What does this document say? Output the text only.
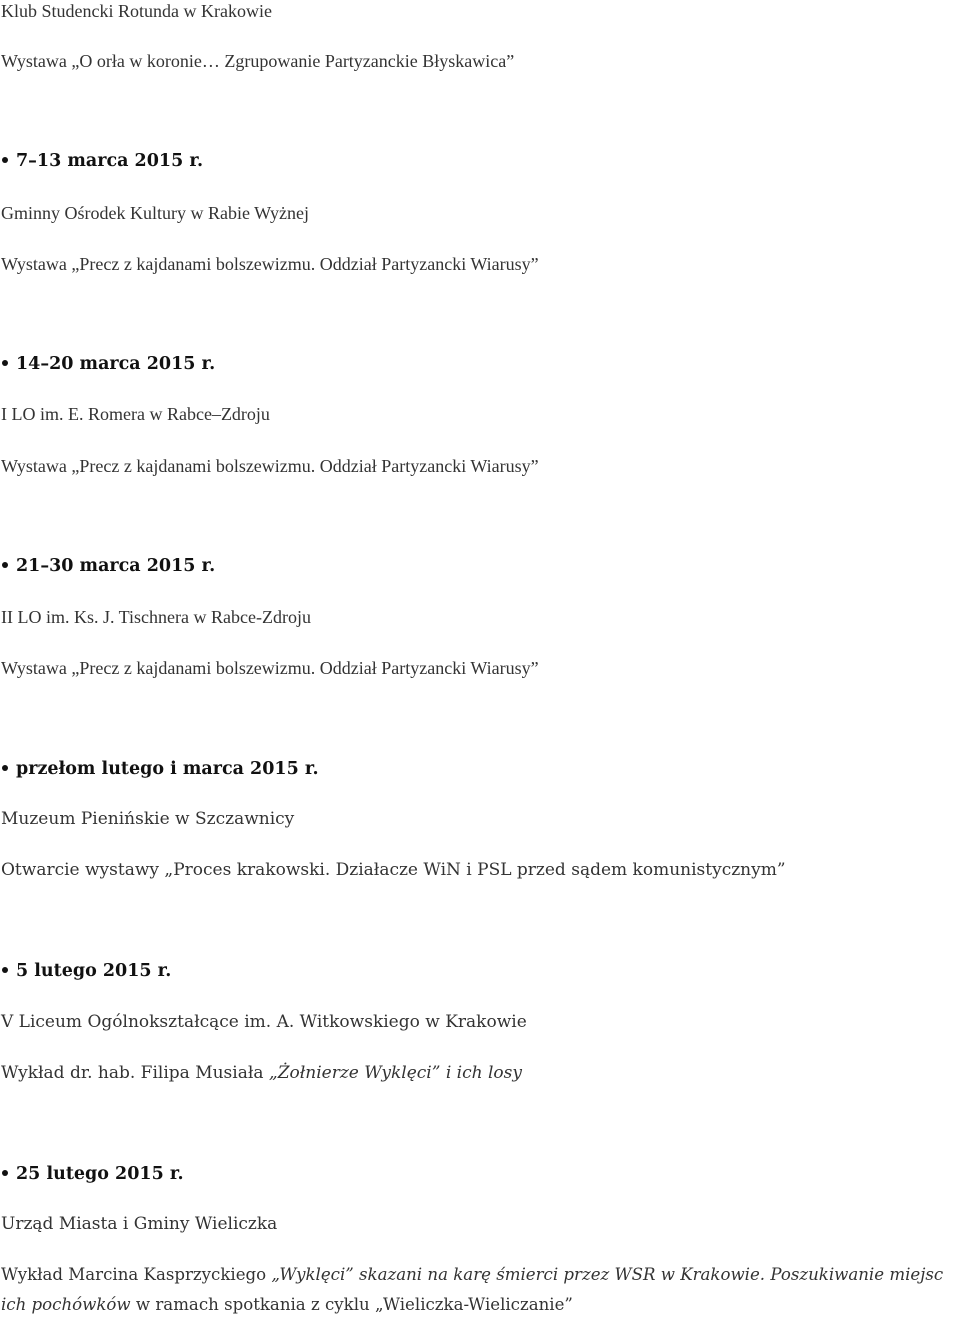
Klub Studencki Rotunda w Krakowie
Wystawa „O orła w koronie… Zgrupowanie Partyzanckie Błyskawica”
7–13 marca 2015 r.
Gminny Ośrodek Kultury w Rabie Wyżnej
Wystawa „Precz z kajdanami bolszewizmu. Oddział Partyzancki Wiarusy”
14–20 marca 2015 r.
I LO im. E. Romera w Rabce–Zdroju
Wystawa „Precz z kajdanami bolszewizmu. Oddział Partyzancki Wiarusy”
21–30 marca 2015 r.
II LO im. Ks. J. Tischnera w Rabce-Zdroju
Wystawa „Precz z kajdanami bolszewizmu. Oddział Partyzancki Wiarusy”
przełom lutego i marca 2015 r.
Muzeum Pienińskie w Szczawnicy
Otwarcie wystawy „Proces krakowski. Działacze WiN i PSL przed sądem komunistycznym”
5 lutego 2015 r.
V Liceum Ogólnokształcące im. A. Witkowskiego w Krakowie
Wykład dr. hab. Filipa Musiała „Żołnierze Wyklęci” i ich losy
25 lutego 2015 r.
Urząd Miasta i Gminy Wieliczka
Wykład Marcina Kasprzyckiego „Wyklęci” skazani na karę śmierci przez WSR w Krakowie. Poszukiwanie miejsc ich pochówków w ramach spotkania z cyklu „Wieliczka-Wieliczanie”
